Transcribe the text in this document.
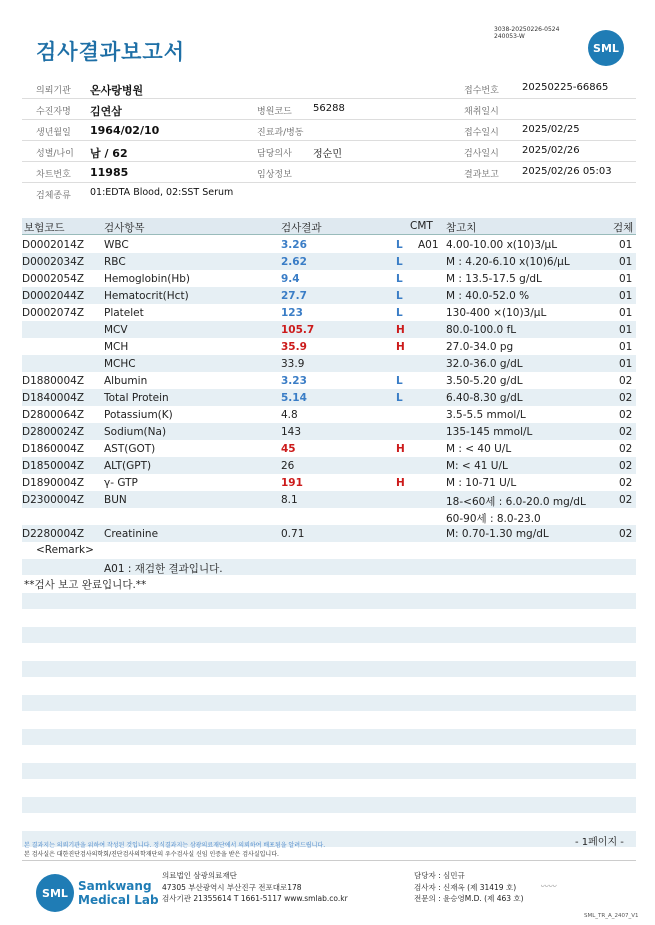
검사결과보고서
3038-20250226-0524
240053-W
SML
의뢰기관 온사랑병원	접수번호 20250225-66865
수진자명 김연삼	병원코드 56288	채취일시
생년월일 1964/02/10	진료과/병동	접수일시 2025/02/25
성별/나이 남 / 62	담당의사 정순민	검사일시 2025/02/26
차트번호 11985	임상정보	결과보고 2025/02/26 05:03
검체종류 01:EDTA Blood, 02:SST Serum
보험코드	검사항목	검사결과	CMT 참고치	검체
D0002014Z WBC	3.26	L A01 4.00-10.00 x(10)3/μL	01
D0002034Z RBC	2.62	L	M : 4.20-6.10 x(10)6/μL	01
D0002054Z Hemoglobin(Hb)	9.4	L	M : 13.5-17.5 g/dL	01
D0002044Z Hematocrit(Hct)	27.7	L	M : 40.0-52.0 %	01
D0002074Z Platelet	123	L	130-400 ×(10)3/μL	01
MCV	105.7	H	80.0-100.0 fL	01
MCH	35.9	H	27.0-34.0 pg	01
MCHC	33.9	32.0-36.0 g/dL	01
D1880004Z Albumin	3.23	L	3.50-5.20 g/dL	02
D1840004Z Total Protein	5.14	L	6.40-8.30 g/dL	02
D2800064Z Potassium(K)	4.8	3.5-5.5 mmol/L	02
D2800024Z Sodium(Na)	143	135-145 mmol/L	02
D1860004Z AST(GOT)	45	H	M : < 40 U/L	02
D1850004Z ALT(GPT)	26	M: < 41 U/L	02
D1890004Z γ- GTP	191	H	M : 10-71 U/L	02
D2300004Z BUN	8.1	18-<60세 : 6.0-20.0 mg/dL	02
60-90세 : 8.0-23.0
D2280004Z Creatinine	0.71	M: 0.70-1.30 mg/dL	02
<Remark>
A01 : 재검한 결과입니다.
**검사 보고 완료입니다.**
- 1페이지 -
본 결과지는 의뢰기관을 위하여 작성된 것입니다. 정식결과지는 삼광의료재단에서 의뢰하여 배포됨을 알려드립니다.
본 검사실은 대한진단검사의학회/진단검사의학재단의 우수검사실 신임 인증을 받은 검사실입니다.
SML Samkwang
Medical Lab
의료법인 삼광의료재단
47305 부산광역시 부산진구 전포대로178
검사기관 21355614 T 1661-5117 www.smlab.co.kr
담당자 : 심민규
검사자 : 신재옥 (제 31419 호)
전문의 : 윤승영M.D. (제 463 호)
〰〰
SML_TR_A_2407_V1
